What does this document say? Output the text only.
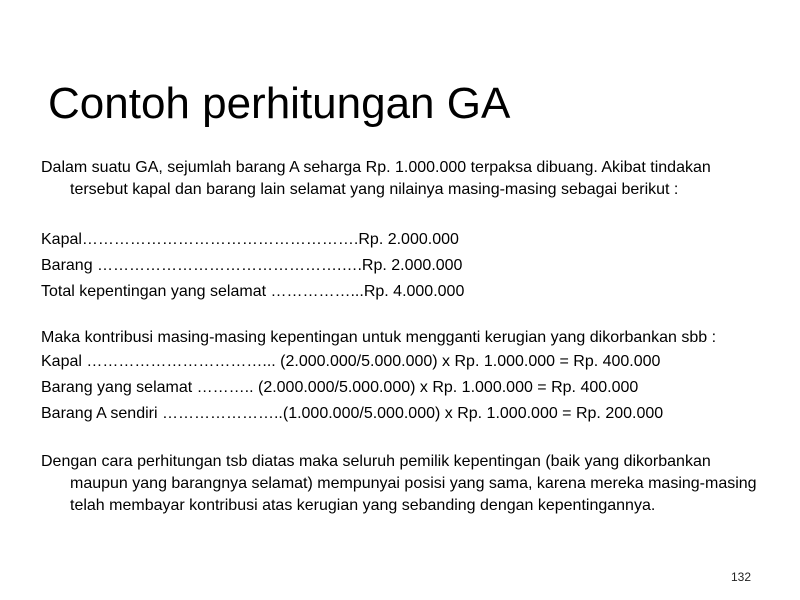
Contoh perhitungan GA

Dalam suatu GA, sejumlah barang A seharga Rp. 1.000.000 terpaksa dibuang. Akibat tindakan tersebut kapal dan barang lain selamat yang nilainya masing-masing sebagai berikut :

Kapal…………………………………………….Rp. 2.000.000

Barang ……………………………………….….Rp. 2.000.000

Total kepentingan yang selamat ……………...Rp. 4.000.000

Maka kontribusi masing-masing kepentingan untuk mengganti kerugian yang dikorbankan sbb :

Kapal ……………………………... (2.000.000/5.000.000) x Rp. 1.000.000 = Rp. 400.000

Barang yang selamat ……….. (2.000.000/5.000.000) x Rp. 1.000.000 = Rp. 400.000

Barang A sendiri …………………..(1.000.000/5.000.000) x Rp. 1.000.000 = Rp. 200.000

Dengan cara perhitungan tsb diatas maka seluruh pemilik kepentingan (baik yang dikorbankan maupun yang barangnya selamat) mempunyai posisi yang sama, karena mereka masing-masing telah membayar kontribusi atas kerugian yang sebanding dengan kepentingannya.

132
